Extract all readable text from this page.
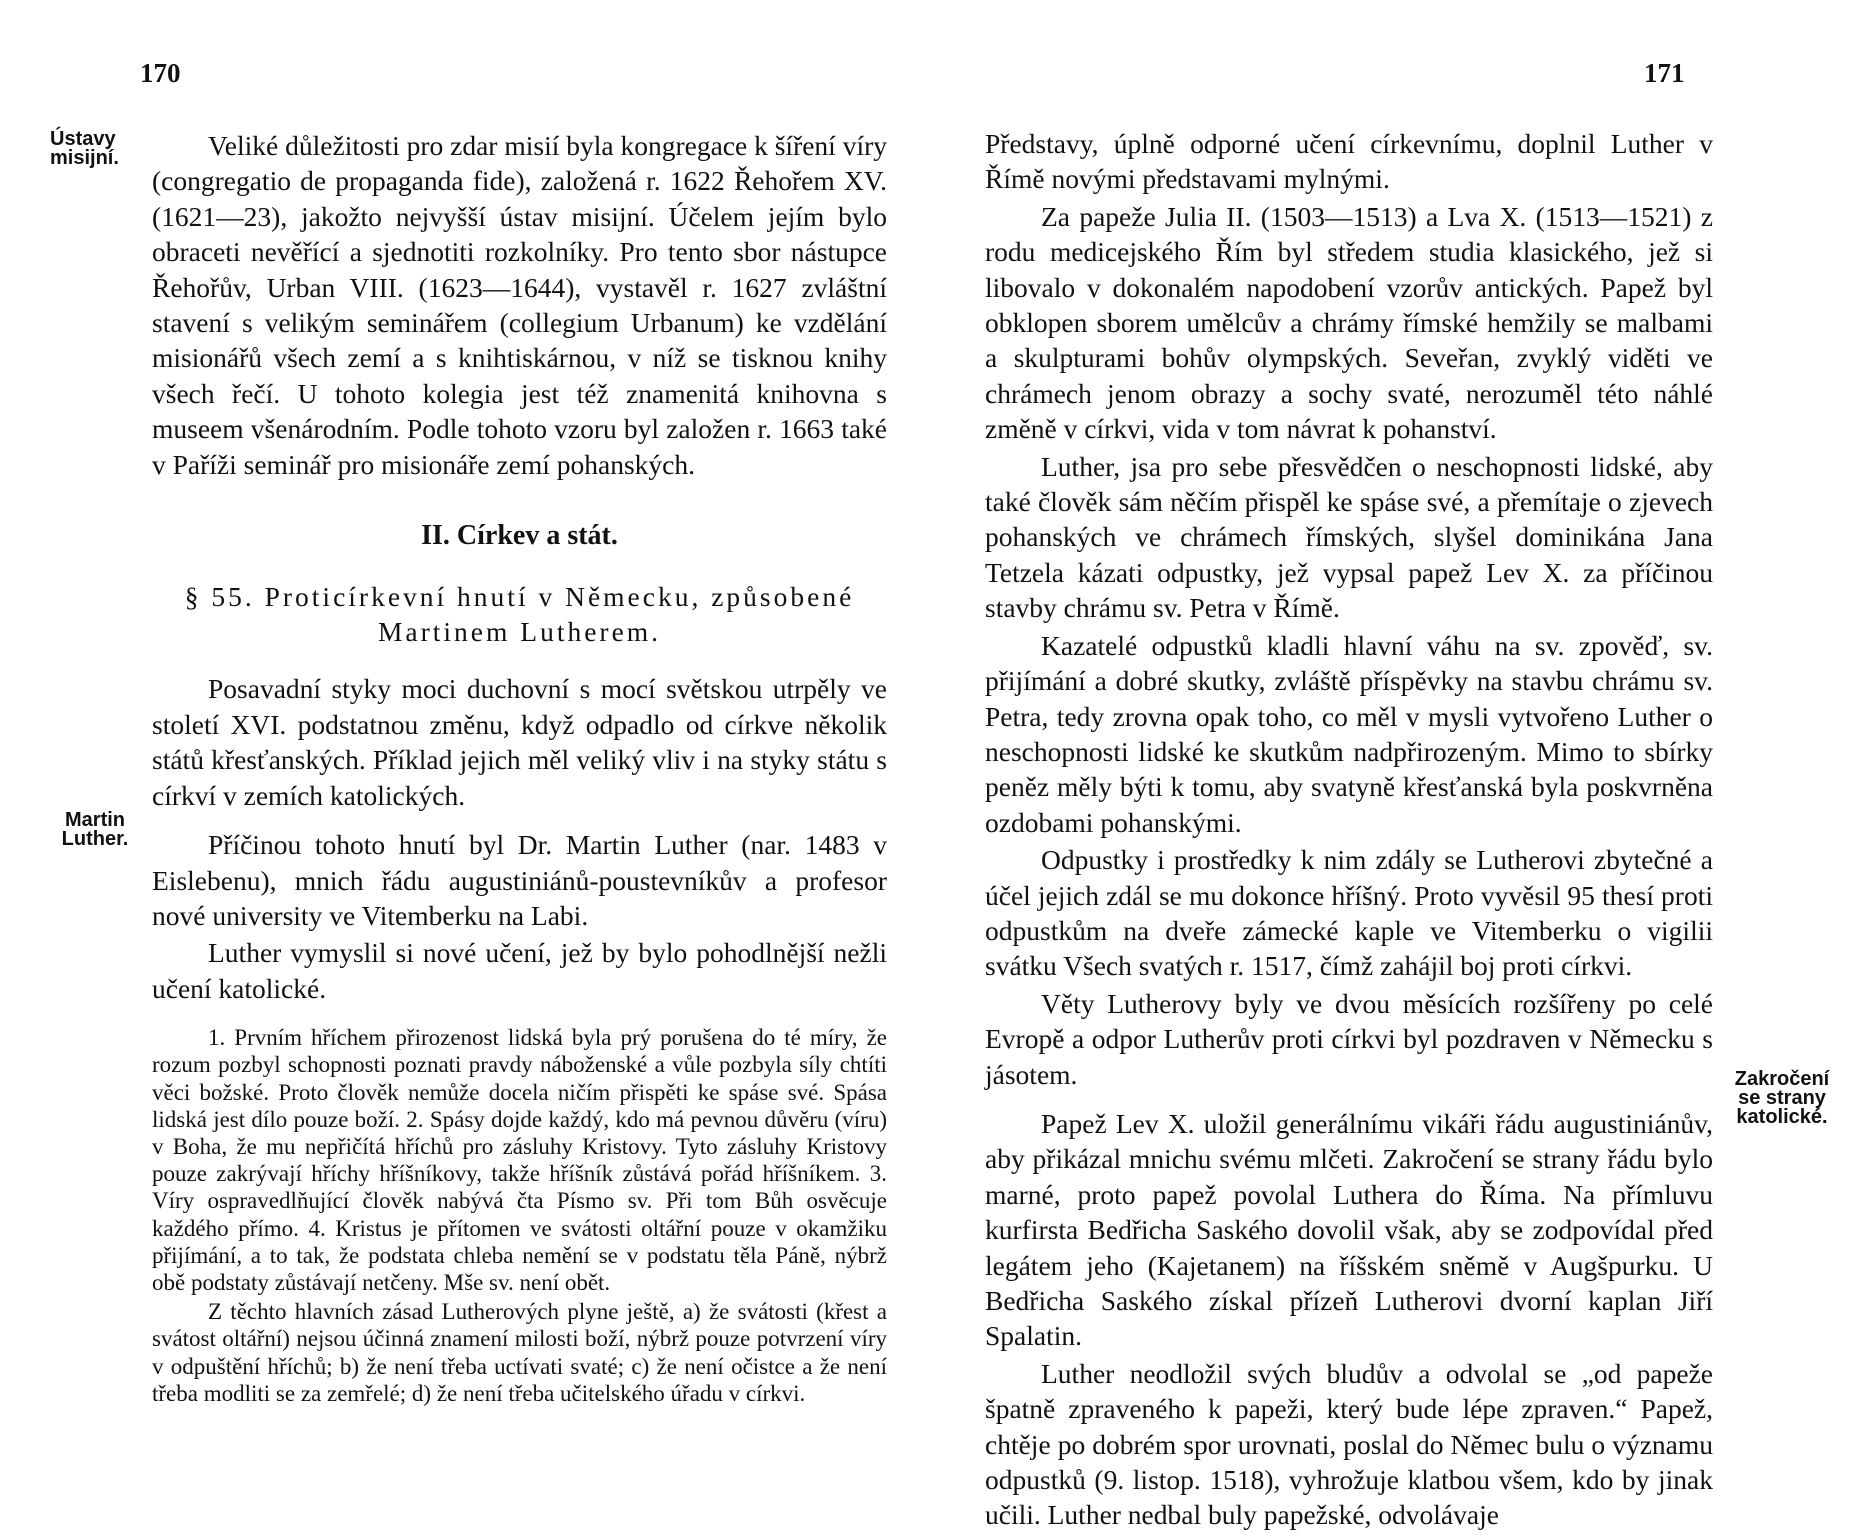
170
Ústavy
misijní.
Martin
Luther.

Veliké důležitosti pro zdar misií byla kongregace k šíření víry (congregatio de propaganda fide), založená r. 1622 Řehořem XV. (1621—23), jakožto nejvyšší ústav misijní. Účelem jejím bylo obraceti nevěřící a sjednotiti rozkolníky. Pro tento sbor nástupce Řehořův, Urban VIII. (1623—1644), vystavěl r. 1627 zvláštní stavení s velikým seminářem (collegium Urbanum) ke vzdělání misionářů všech zemí a s knihtiskárnou, v níž se tisknou knihy všech řečí. U tohoto kolegia jest též znamenitá knihovna s museem všenárodním. Podle tohoto vzoru byl založen r. 1663 také v Paříži seminář pro misionáře zemí pohanských.

II. Církev a stát.
§ 55. Proticírkevní hnutí v Německu, způsobené
Martinem Lutherem.

Posavadní styky moci duchovní s mocí světskou utrpěly ve století XVI. podstatnou změnu, když odpadlo od církve několik států křesťanských. Příklad jejich měl veliký vliv i na styky státu s církví v zemích katolických.

Příčinou tohoto hnutí byl Dr. Martin Luther (nar. 1483 v Eislebenu), mnich řádu augustiniánů-poustevníkův a profesor nové university ve Vitemberku na Labi.

Luther vymyslil si nové učení, jež by bylo pohodlnější nežli učení katolické.

1. Prvním hříchem přirozenost lidská byla prý porušena do té míry, že rozum pozbyl schopnosti poznati pravdy náboženské a vůle pozbyla síly chtíti věci božské. Proto člověk nemůže docela ničím přispěti ke spáse své. Spása lidská jest dílo pouze boží. 2. Spásy dojde každý, kdo má pevnou důvěru (víru) v Boha, že mu nepřičítá hříchů pro zásluhy Kristovy. Tyto zásluhy Kristovy pouze zakrývají hříchy hříšníkovy, takže hříšník zůstává pořád hříšníkem. 3. Víry ospravedlňující člověk nabývá čta Písmo sv. Při tom Bůh osvěcuje každého přímo. 4. Kristus je přítomen ve svátosti oltářní pouze v okamžiku přijímání, a to tak, že podstata chleba nemění se v podstatu těla Páně, nýbrž obě podstaty zůstávají netčeny. Mše sv. není obět.

Z těchto hlavních zásad Lutherových plyne ještě, a) že svátosti (křest a svátost oltářní) nejsou účinná znamení milosti boží, nýbrž pouze potvrzení víry v odpuštění hříchů; b) že není třeba uctívati svaté; c) že není očistce a že není třeba modliti se za zemřelé; d) že není třeba učitelského úřadu v církvi.

171
Zakročení
se strany
katolické.

Představy, úplně odporné učení církevnímu, doplnil Luther v Římě novými představami mylnými.

Za papeže Julia II. (1503—1513) a Lva X. (1513—1521) z rodu medicejského Řím byl středem studia klasického, jež si libovalo v dokonalém napodobení vzorův antických. Papež byl obklopen sborem umělcův a chrámy římské hemžily se malbami a skulpturami bohův olympských. Seveřan, zvyklý viděti ve chrámech jenom obrazy a sochy svaté, nerozuměl této náhlé změně v církvi, vida v tom návrat k pohanství.

Luther, jsa pro sebe přesvědčen o neschopnosti lidské, aby také člověk sám něčím přispěl ke spáse své, a přemítaje o zjevech pohanských ve chrámech římských, slyšel dominikána Jana Tetzela kázati odpustky, jež vypsal papež Lev X. za příčinou stavby chrámu sv. Petra v Římě.

Kazatelé odpustků kladli hlavní váhu na sv. zpověď, sv. přijímání a dobré skutky, zvláště příspěvky na stavbu chrámu sv. Petra, tedy zrovna opak toho, co měl v mysli vytvořeno Luther o neschopnosti lidské ke skutkům nadpřirozeným. Mimo to sbírky peněz měly býti k tomu, aby svatyně křesťanská byla poskvrněna ozdobami pohanskými.

Odpustky i prostředky k nim zdály se Lutherovi zbytečné a účel jejich zdál se mu dokonce hříšný. Proto vyvěsil 95 thesí proti odpustkům na dveře zámecké kaple ve Vitemberku o vigilii svátku Všech svatých r. 1517, čímž zahájil boj proti církvi.

Věty Lutherovy byly ve dvou měsících rozšířeny po celé Evropě a odpor Lutherův proti církvi byl pozdraven v Německu s jásotem.

Papež Lev X. uložil generálnímu vikáři řádu augustiniánův, aby přikázal mnichu svému mlčeti. Zakročení se strany řádu bylo marné, proto papež povolal Luthera do Říma. Na přímluvu kurfirsta Bedřicha Saského dovolil však, aby se zodpovídal před legátem jeho (Kajetanem) na říšském sněmě v Augšpurku. U Bedřicha Saského získal přízeň Lutherovi dvorní kaplan Jiří Spalatin.

Luther neodložil svých bludův a odvolal se „od papeže špatně zpraveného k papeži, který bude lépe zpraven.“ Papež, chtěje po dobrém spor urovnati, poslal do Němec bulu o významu odpustků (9. listop. 1518), vyhrožuje klatbou všem, kdo by jinak učili. Luther nedbal buly papežské, odvolávaje
